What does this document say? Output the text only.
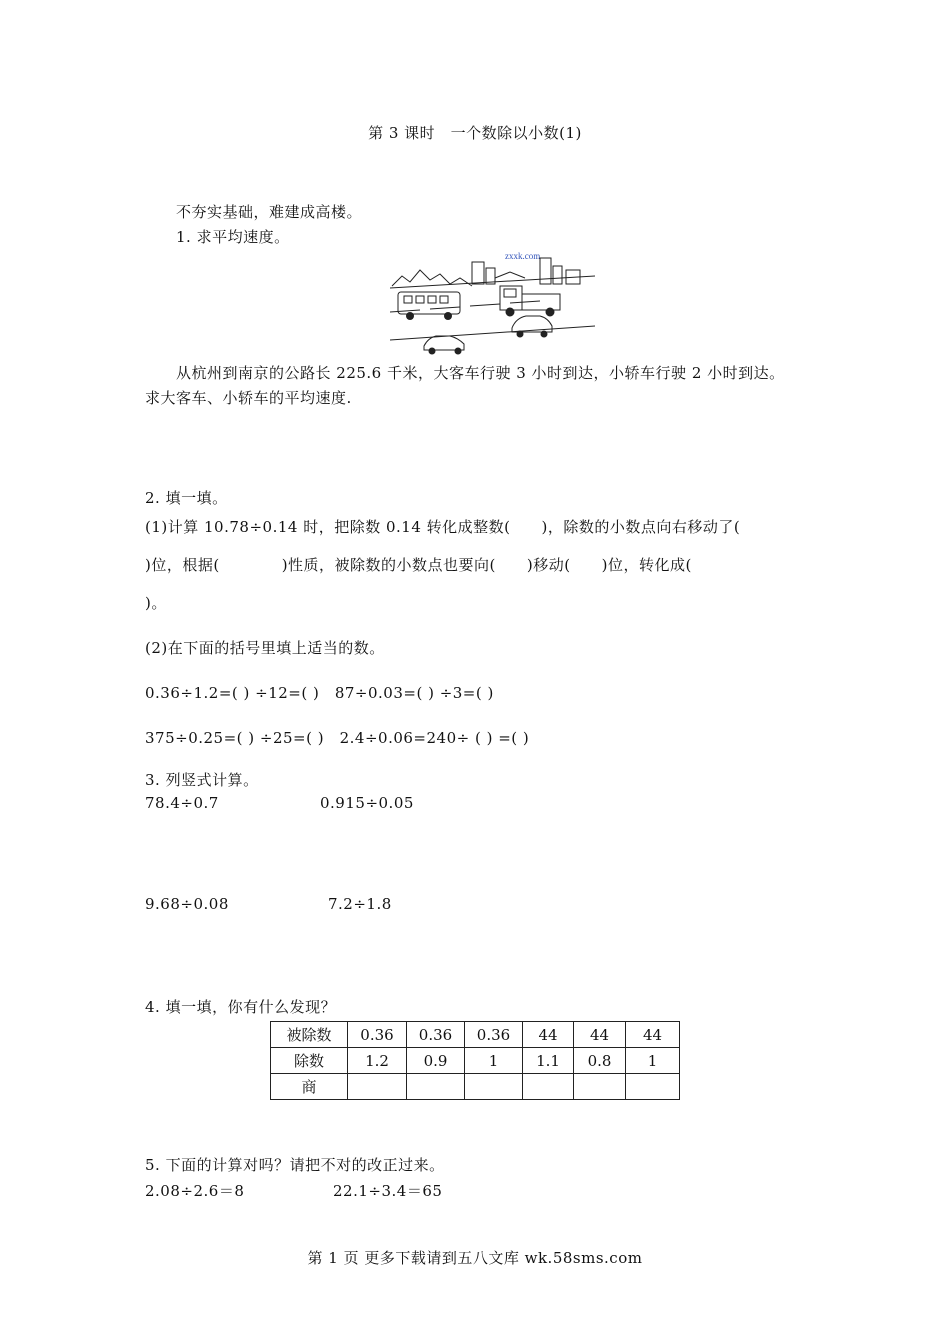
第 3 课时　一个数除以小数(1)
不夯实基础，难建成高楼。
1. 求平均速度。
zxxk.com
从杭州到南京的公路长 225.6 千米，大客车行驶 3 小时到达，小轿车行驶 2 小时到达。
求大客车、小轿车的平均速度.
2. 填一填。
(1)计算 10.78÷0.14 时，把除数 0.14 转化成整数(　　)，除数的小数点向右移动了(
)位，根据(　　　　)性质，被除数的小数点也要向(　　)移动(　　)位，转化成(
)。
(2)在下面的括号里填上适当的数。
0.36÷1.2=( ) ÷12=( )　87÷0.03=( ) ÷3=( )
375÷0.25=( ) ÷25=( )　2.4÷0.06=240÷ ( ) =( )
3. 列竖式计算。
78.4÷0.7	0.915÷0.05
9.68÷0.08	7.2÷1.8
4. 填一填，你有什么发现？
被除数	0.36	0.36	0.36	44	44	44
除数	1.2	0.9	1	1.1	0.8	1
商						
5. 下面的计算对吗？请把不对的改正过来。
2.08÷2.6＝8	22.1÷3.4＝65
第 1 页 更多下载请到五八文库 wk.58sms.com
